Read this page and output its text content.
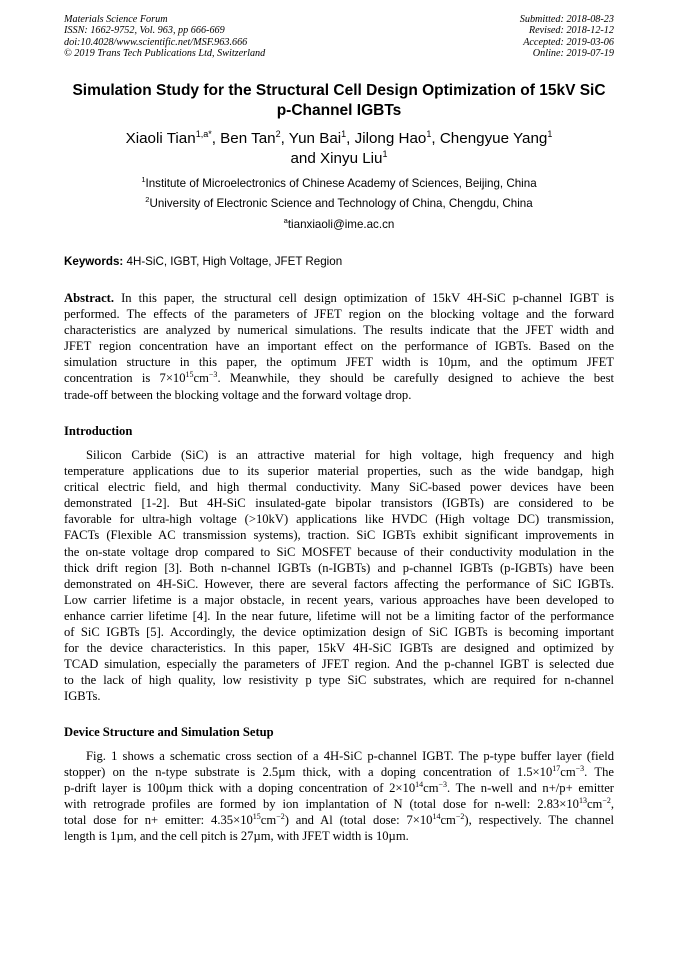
Materials Science Forum
ISSN: 1662-9752, Vol. 963, pp 666-669
doi:10.4028/www.scientific.net/MSF.963.666
© 2019 Trans Tech Publications Ltd, Switzerland
Submitted: 2018-08-23
Revised: 2018-12-12
Accepted: 2019-03-06
Online: 2019-07-19
Simulation Study for the Structural Cell Design Optimization of 15kV SiC
p-Channel IGBTs
Xiaoli Tian$^{1,a*}$, Ben Tan$^2$, Yun Bai$^1$, Jilong Hao$^1$, Chengyue Yang$^1$
and Xinyu Liu$^1$
$^1$Institute of Microelectronics of Chinese Academy of Sciences, Beijing, China
$^2$University of Electronic Science and Technology of China, Chengdu, China
$^a$tianxiaoli@ime.ac.cn
Keywords: 4H-SiC, IGBT, High Voltage, JFET Region
Abstract. In this paper, the structural cell design optimization of 15kV 4H-SiC p-channel IGBT is
performed. The effects of the parameters of JFET region on the blocking voltage and the forward
characteristics are analyzed by numerical simulations. The results indicate that the JFET width and
JFET region concentration have an important effect on the performance of IGBTs. Based on the
simulation structure in this paper, the optimum JFET width is 10µm, and the optimum JFET
concentration is $7\times 10^{15}cm^{-3}$. Meanwhile, they should be carefully designed to achieve the best
trade-off between the blocking voltage and the forward voltage drop.
Introduction
Silicon Carbide (SiC) is an attractive material for high voltage, high frequency and high
temperature applications due to its superior material properties, such as the wide bandgap, high
critical electric field, and high thermal conductivity. Many SiC-based power devices have been
demonstrated [1-2]. But 4H-SiC insulated-gate bipolar transistors (IGBTs) are considered to be
favorable for ultra-high voltage (>10kV) applications like HVDC (High voltage DC) transmission,
FACTs (Flexible AC transmission systems), traction. SiC IGBTs exhibit significant improvements in
the on-state voltage drop compared to SiC MOSFET because of their conductivity modulation in the
thick drift region [3]. Both n-channel IGBTs (n-IGBTs) and p-channel IGBTs (p-IGBTs) have been
demonstrated on 4H-SiC. However, there are several factors affecting the performance of SiC IGBTs.
Low carrier lifetime is a major obstacle, in recent years, various approaches have been developed to
enhance carrier lifetime [4]. In the near future, lifetime will not be a limiting factor of the performance
of SiC IGBTs [5]. Accordingly, the device optimization design of SiC IGBTs is becoming important
for the device characteristics. In this paper, 15kV 4H-SiC IGBTs are designed and optimized by
TCAD simulation, especially the parameters of JFET region. And the p-channel IGBT is selected due
to the lack of high quality, low resistivity p type SiC substrates, which are required for n-channel
IGBTs.
Device Structure and Simulation Setup
Fig. 1 shows a schematic cross section of a 4H-SiC p-channel IGBT. The p-type buffer layer (field
stopper) on the n-type substrate is 2.5µm thick, with a doping concentration of $1.5\times 10^{17}cm^{-3}$. The
p-drift layer is 100µm thick with a doping concentration of $2\times 10^{14}cm^{-3}$. The n-well and n+/p+ emitter
with retrograde profiles are formed by ion implantation of N (total dose for n-well: $2.83\times 10^{13}cm^{-2}$,
total dose for n+ emitter: $4.35\times 10^{15}cm^{-2}$) and Al (total dose: $7\times 10^{14}cm^{-2}$), respectively. The channel
length is 1µm, and the cell pitch is 27µm, with JFET width is 10µm.
